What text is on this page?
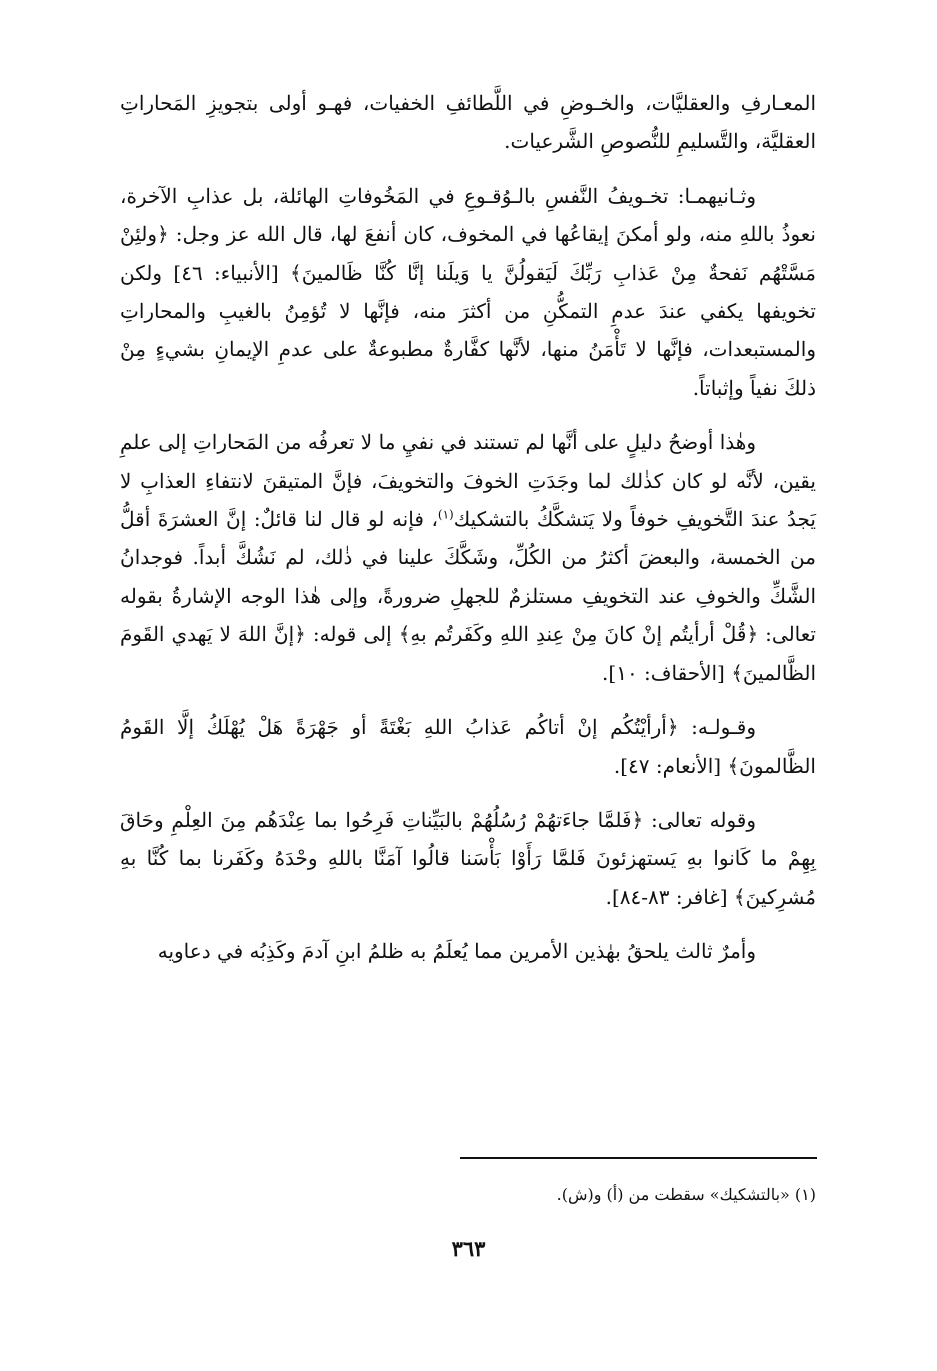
المعـارفِ والعقليَّات، والخـوضِ في اللَّطائفِ الخفيات، فهـو أولى بتجويزِ المَحاراتِ العقليَّة، والتَّسليمِ للنُّصوصِ الشَّرعيات.

وثـانيهمـا: تخـويفُ النَّفسِ بالـوُقـوعِ في المَخُوفاتِ الهائلة، بل عذابِ الآخرة، نعوذُ باللهِ منه، ولو أمكنَ إيقاعُها في المخوف، كان أنفعَ لها، قال الله عز وجل: ﴿ولئِنْ مَسَّتْهُم نَفحةٌ مِنْ عَذابِ رَبِّكَ لَيَقولُنَّ يا وَيلَنا إنَّا كُنَّا ظَالمينَ﴾ [الأنبياء: ٤٦] ولكن تخويفها يكفي عندَ عدمِ التمكُّنِ من أكثرَ منه، فإنَّها لا تُؤمِنُ بالغيبِ والمحاراتِ والمستبعدات، فإنَّها لا تَأْمَنُ منها، لأنَّها كفَّارةٌ مطبوعةٌ على عدمِ الإيمانِ بشيءٍ مِنْ ذلكَ نفياً وإثباتاً.

وهٰذا أوضحُ دليلٍ على أنَّها لم تستند في نفيِ ما لا تعرفُه من المَحاراتِ إلى علمِ يقين، لأنَّه لو كان كذٰلك لما وجَدَتِ الخوفَ والتخويفَ، فإنَّ المتيقنَ لانتفاءِ العذابِ لا يَجدُ عندَ التَّخويفِ خوفاً ولا يَتشكَّكُ بالتشكيك$^{(١)}$، فإنه لو قال لنا قائلٌ: إنَّ العشرَةَ أقلُّ من الخمسة، والبعضَ أكثرُ من الكُلِّ، وشَكَّكَ علينا في ذٰلك، لم نَشُكَّ أبداً. فوجدانُ الشَّكِّ والخوفِ عند التخويفِ مستلزمٌ للجهلِ ضرورةً، وإلى هٰذا الوجه الإشارةُ بقوله تعالى: ﴿قُلْ أرأيتُم إنْ كانَ مِنْ عِندِ اللهِ وكَفَرتُم بهِ﴾ إلى قوله: ﴿إنَّ اللهَ لا يَهدي القَومَ الظَّالمينَ﴾ [الأحقاف: ١٠].

وقـولـه: ﴿أرأيْتُكُم إنْ أتاكُم عَذابُ اللهِ بَغْتَةً أو جَهْرَةً هَلْ يُهْلَكُ إلَّا القَومُ الظَّالمونَ﴾ [الأنعام: ٤٧].

وقوله تعالى: ﴿فَلمَّا جاءَتهُمْ رُسُلُهُمْ بالبَيِّناتِ فَرِحُوا بما عِنْدَهُم مِنَ العِلْمِ وحَاقَ بِهِمْ ما كَانوا بهِ يَستهزئونَ فَلمَّا رَأَوْا بَأْسَنا قالُوا آمَنَّا باللهِ وحْدَهُ وكَفَرنا بما كُنَّا بهِ مُشرِكينَ﴾ [غافر: ٨٣-٨٤].

وأمرٌ ثالث يلحقُ بهٰذين الأمرين مما يُعلَمُ به ظلمُ ابنِ آدمَ وكَذِبُه في دعاويه

(١) «بالتشكيك» سقطت من (أ) و(ش).
٣٦٣
